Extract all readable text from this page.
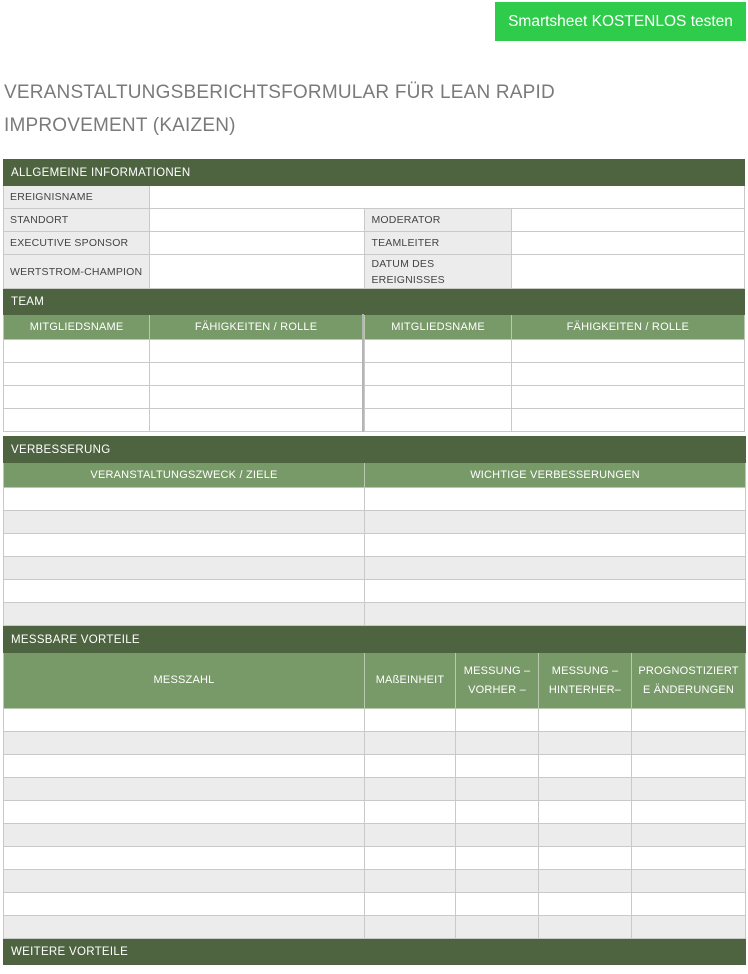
Smartsheet KOSTENLOS testen
VERANSTALTUNGSBERICHTSFORMULAR FÜR LEAN RAPID IMPROVEMENT (KAIZEN)
ALLGEMEINE INFORMATIONEN				
EREIGNISNAME				
STANDORT			MODERATOR	
EXECUTIVE SPONSOR			TEAMLEITER	
WERTSTROM-CHAMPION			DATUM DES EREIGNISSES	
TEAM				
MITGLIEDSNAME	FÄHIGKEITEN / ROLLE		MITGLIEDSNAME	FÄHIGKEITEN / ROLLE

VERBESSERUNG	
VERANSTALTUNGSZWECK / ZIELE	WICHTIGE VERBESSERUNGEN

MESSBARE VORTEILE				
MESSZAHL	MAßEINHEIT	MESSUNG – VORHER –	MESSUNG – HINTERHER–	PROGNOSTIZIERTE ÄNDERUNGEN

WEITERE VORTEILE				
